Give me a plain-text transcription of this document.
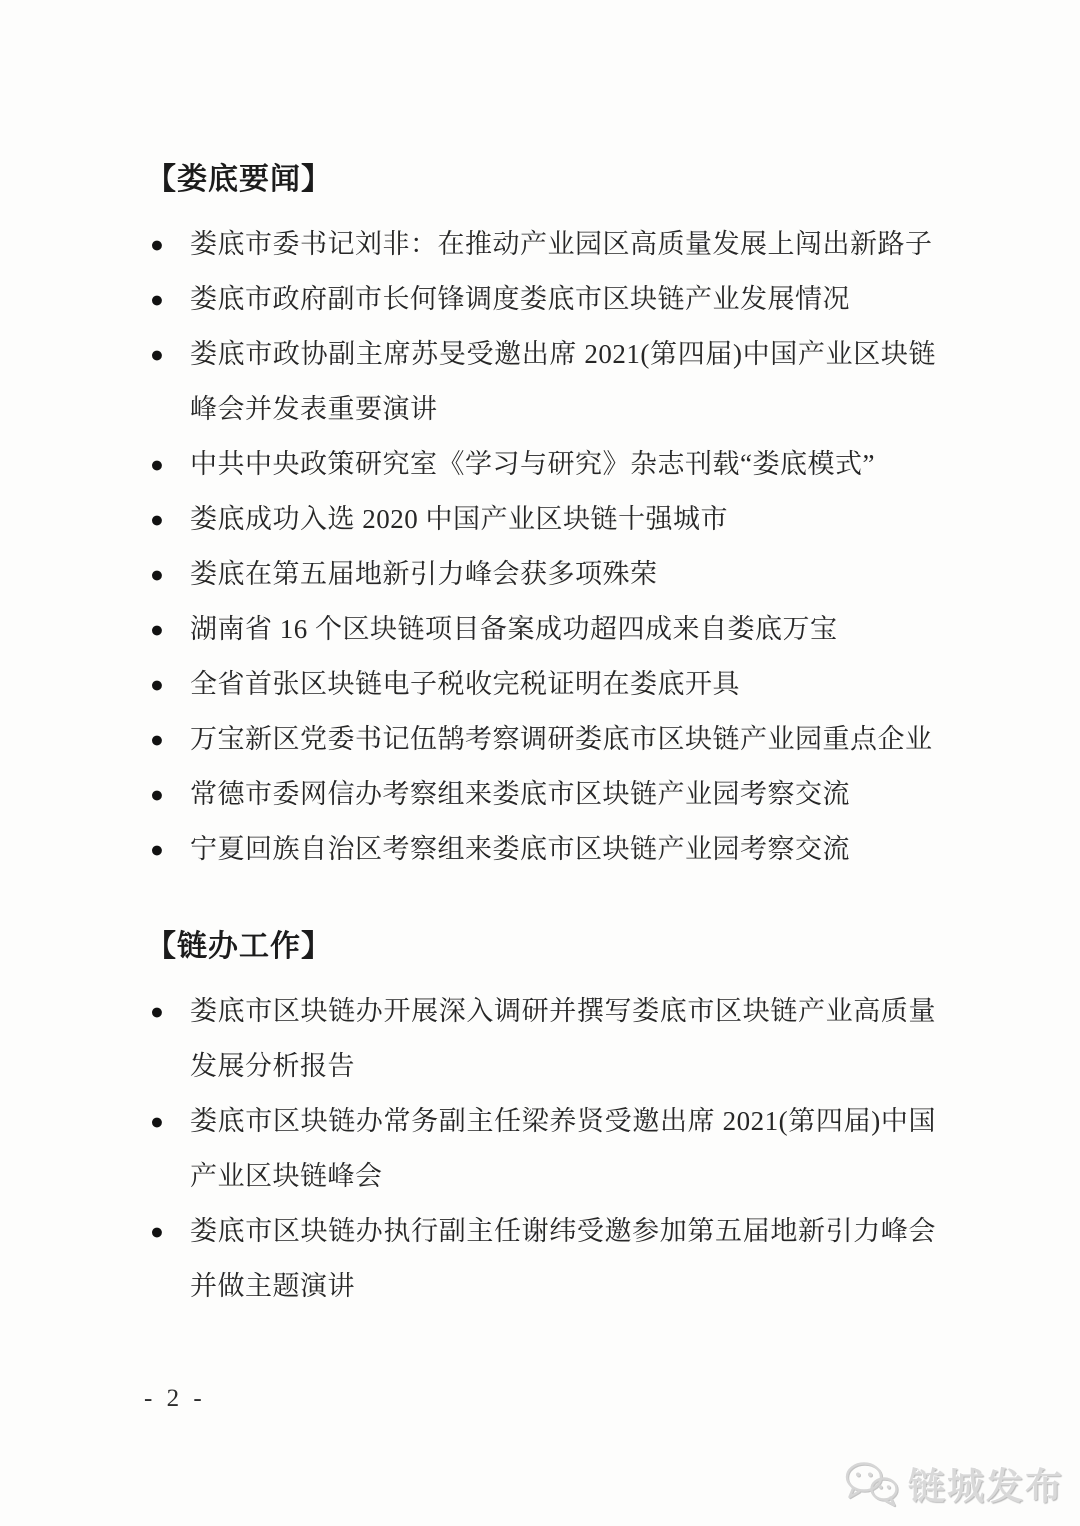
【娄底要闻】
● 娄底市委书记刘非：在推动产业园区高质量发展上闯出新路子
● 娄底市政府副市长何锋调度娄底市区块链产业发展情况
● 娄底市政协副主席苏旻受邀出席 2021(第四届)中国产业区块链峰会并发表重要演讲
● 中共中央政策研究室《学习与研究》杂志刊载“娄底模式”
● 娄底成功入选 2020 中国产业区块链十强城市
● 娄底在第五届地新引力峰会获多项殊荣
● 湖南省 16 个区块链项目备案成功超四成来自娄底万宝
● 全省首张区块链电子税收完税证明在娄底开具
● 万宝新区党委书记伍鹄考察调研娄底市区块链产业园重点企业
● 常德市委网信办考察组来娄底市区块链产业园考察交流
● 宁夏回族自治区考察组来娄底市区块链产业园考察交流
【链办工作】
● 娄底市区块链办开展深入调研并撰写娄底市区块链产业高质量发展分析报告
● 娄底市区块链办常务副主任梁养贤受邀出席 2021(第四届)中国产业区块链峰会
● 娄底市区块链办执行副主任谢纬受邀参加第五届地新引力峰会并做主题演讲
- 2 -
链城发布
